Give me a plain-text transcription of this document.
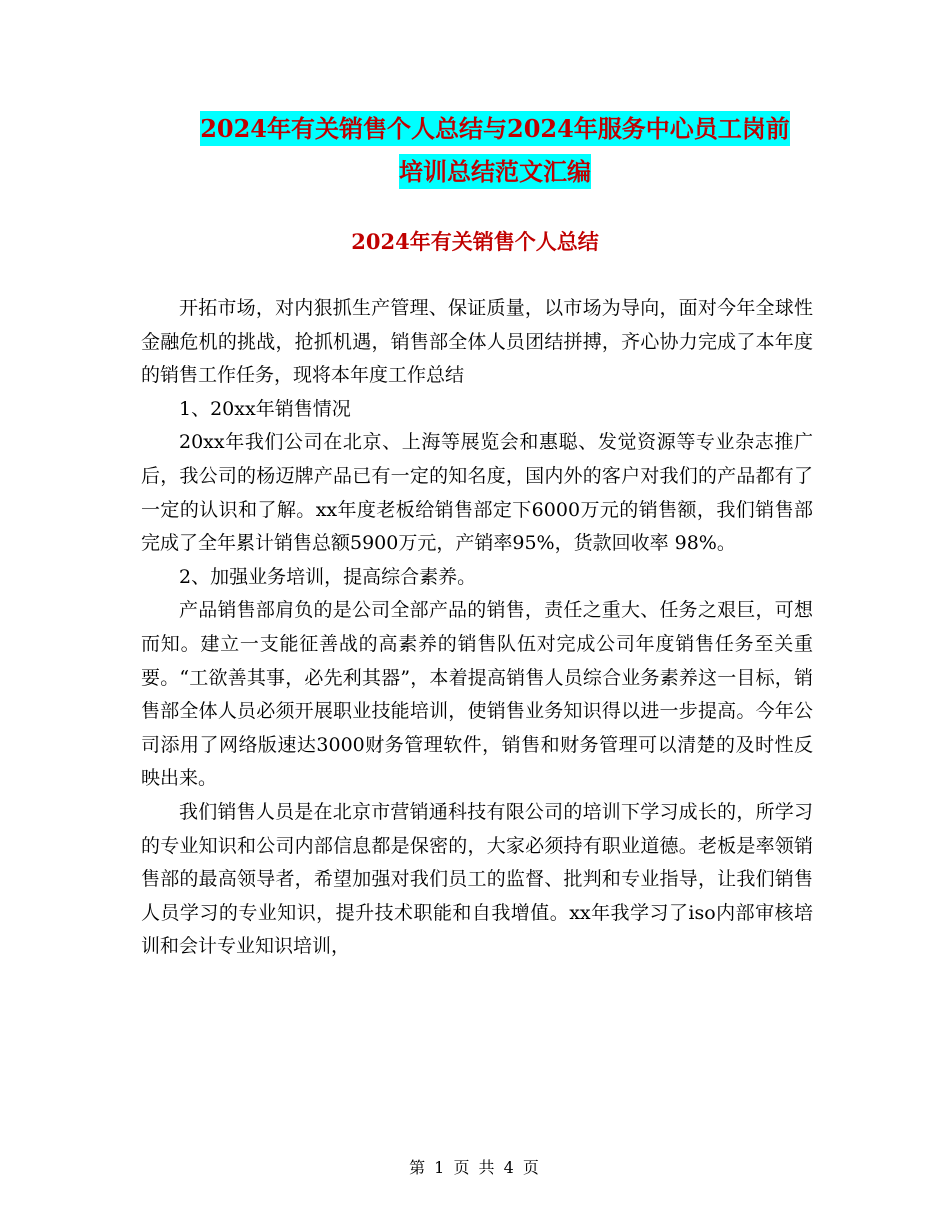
2024年有关销售个人总结与2024年服务中心员工岗前
培训总结范文汇编
2024年有关销售个人总结

开拓市场，对内狠抓生产管理、保证质量，以市场为导向，面对今年全球性金融危机的挑战，抢抓机遇，销售部全体人员团结拼搏，齐心协力完成了本年度的销售工作任务，现将本年度工作总结

1、20xx年销售情况

20xx年我们公司在北京、上海等展览会和惠聪、发觉资源等专业杂志推广后，我公司的杨迈牌产品已有一定的知名度，国内外的客户对我们的产品都有了一定的认识和了解。xx年度老板给销售部定下6000万元的销售额，我们销售部完成了全年累计销售总额5900万元，产销率95%，货款回收率 98%。

2、加强业务培训，提高综合素养。

产品销售部肩负的是公司全部产品的销售，责任之重大、任务之艰巨，可想而知。建立一支能征善战的高素养的销售队伍对完成公司年度销售任务至关重要。“工欲善其事，必先利其器”，本着提高销售人员综合业务素养这一目标，销售部全体人员必须开展职业技能培训，使销售业务知识得以进一步提高。今年公司添用了网络版速达3000财务管理软件，销售和财务管理可以清楚的及时性反映出来。

我们销售人员是在北京市营销通科技有限公司的培训下学习成长的，所学习的专业知识和公司内部信息都是保密的，大家必须持有职业道德。老板是率领销售部的最高领导者，希望加强对我们员工的监督、批判和专业指导，让我们销售人员学习的专业知识，提升技术职能和自我增值。xx年我学习了iso内部审核培训和会计专业知识培训，

第 1 页 共 4 页
